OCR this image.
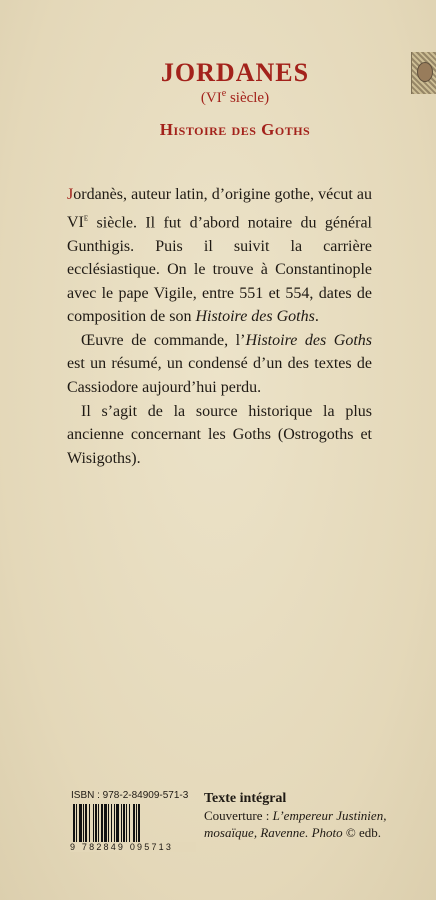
JORDANES
(VIe siècle)
Histoire des Goths

Jordanès, auteur latin, d’origine gothe, vécut au VIe siècle. Il fut d’abord notaire du général Gunthigis. Puis il suivit la carrière ecclésiastique. On le trouve à Constantinople avec le pape Vigile, entre 551 et 554, dates de composition de son Histoire des Goths.

Œuvre de commande, l’Histoire des Goths est un résumé, un condensé d’un des textes de Cassiodore aujourd’hui perdu.

Il s’agit de la source historique la plus ancienne concernant les Goths (Ostrogoths et Wisigoths).

ISBN : 978-2-84909-571-3
9 782849 095713
Texte intégral
Couverture : L’empereur Justinien, mosaïque, Ravenne. Photo © edb.
